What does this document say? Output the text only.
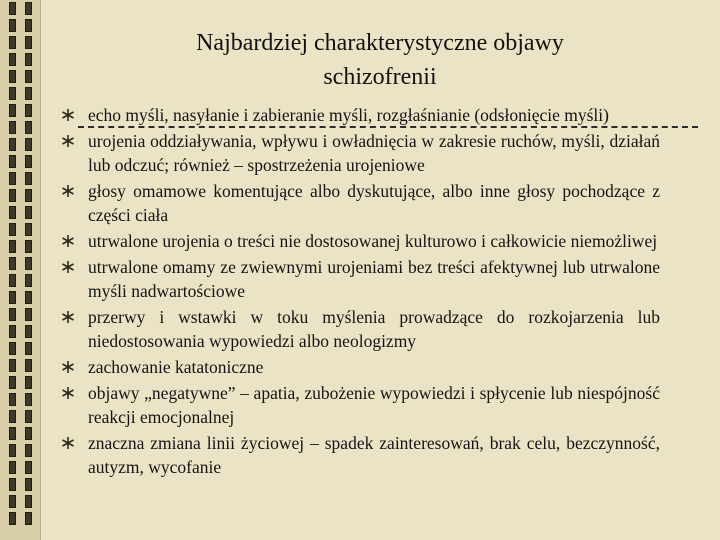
Najbardziej charakterystyczne objawy
schizofrenii
echo myśli, nasyłanie i zabieranie myśli, rozgłaśnianie (odsłonięcie myśli)
urojenia oddziaływania, wpływu i owładnięcia w zakresie ruchów, myśli, działań lub odczuć; również – spostrzeżenia urojeniowe
głosy omamowe komentujące albo dyskutujące, albo inne głosy pochodzące z części ciała
utrwalone urojenia o treści nie dostosowanej kulturowo i całkowicie niemożliwej
utrwalone omamy ze zwiewnymi urojeniami bez treści afektywnej lub utrwalone myśli nadwartościowe
przerwy i wstawki w toku myślenia prowadzące do rozkojarzenia lub niedostosowania wypowiedzi albo neologizmy
zachowanie katatoniczne
objawy „negatywne” – apatia, zubożenie wypowiedzi i spłycenie lub niespójność reakcji emocjonalnej
znaczna zmiana linii życiowej – spadek zainteresowań, brak celu, bezczynność, autyzm, wycofanie
